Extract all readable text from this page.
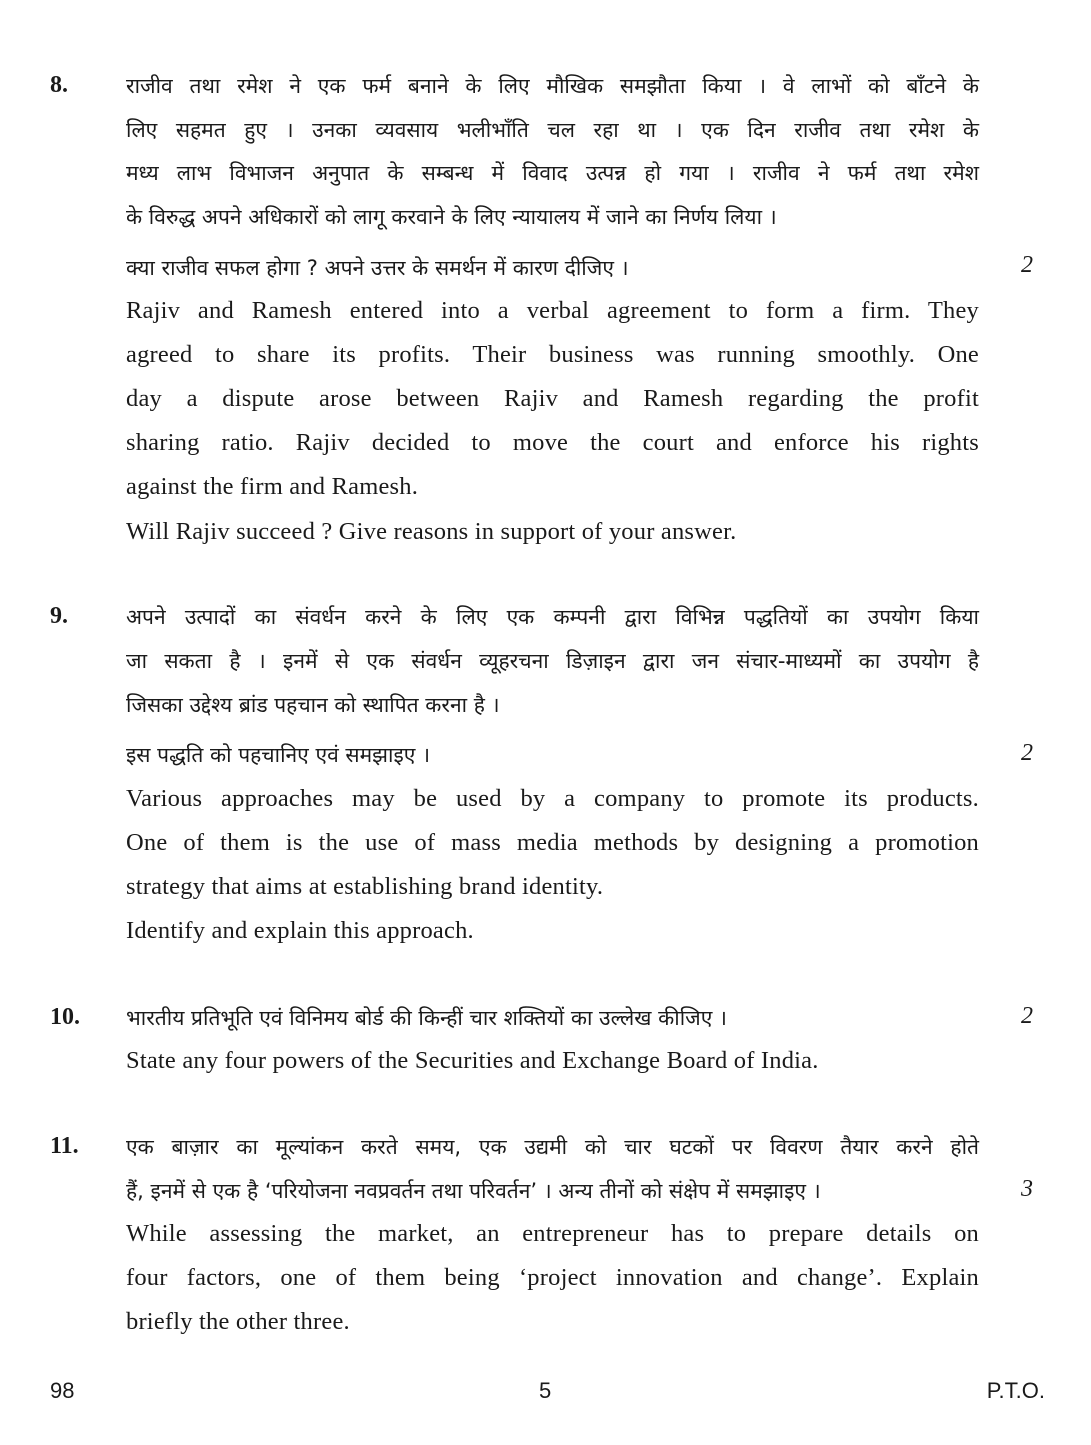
8.	राजीव तथा रमेश ने एक फर्म बनाने के लिए मौखिक समझौता किया । वे लाभों को बाँटने के
लिए सहमत हुए । उनका व्यवसाय भलीभाँति चल रहा था । एक दिन राजीव तथा रमेश के
मध्य लाभ विभाजन अनुपात के सम्बन्ध में विवाद उत्पन्न हो गया । राजीव ने फर्म तथा रमेश
के विरुद्ध अपने अधिकारों को लागू करवाने के लिए न्यायालय में जाने का निर्णय लिया ।
क्या राजीव सफल होगा ? अपने उत्तर के समर्थन में कारण दीजिए ।	2
Rajiv and Ramesh entered into a verbal agreement to form a firm. They
agreed to share its profits. Their business was running smoothly. One
day a dispute arose between Rajiv and Ramesh regarding the profit
sharing ratio. Rajiv decided to move the court and enforce his rights
against the firm and Ramesh.
Will Rajiv succeed ? Give reasons in support of your answer.
9.	अपने उत्पादों का संवर्धन करने के लिए एक कम्पनी द्वारा विभिन्न पद्धतियों का उपयोग किया
जा सकता है । इनमें से एक संवर्धन व्यूहरचना डिज़ाइन द्वारा जन संचार-माध्यमों का उपयोग है
जिसका उद्देश्य ब्रांड पहचान को स्थापित करना है ।
इस पद्धति को पहचानिए एवं समझाइए ।	2
Various approaches may be used by a company to promote its products.
One of them is the use of mass media methods by designing a promotion
strategy that aims at establishing brand identity.
Identify and explain this approach.
10. भारतीय प्रतिभूति एवं विनिमय बोर्ड की किन्हीं चार शक्तियों का उल्लेख कीजिए ।	2
State any four powers of the Securities and Exchange Board of India.
11. एक बाज़ार का मूल्यांकन करते समय, एक उद्यमी को चार घटकों पर विवरण तैयार करने होते
हैं, इनमें से एक है ‘परियोजना नवप्रवर्तन तथा परिवर्तन’ । अन्य तीनों को संक्षेप में समझाइए ।	3
While assessing the market, an entrepreneur has to prepare details on
four factors, one of them being ‘project innovation and change’. Explain
briefly the other three.
98	5	P.T.O.
